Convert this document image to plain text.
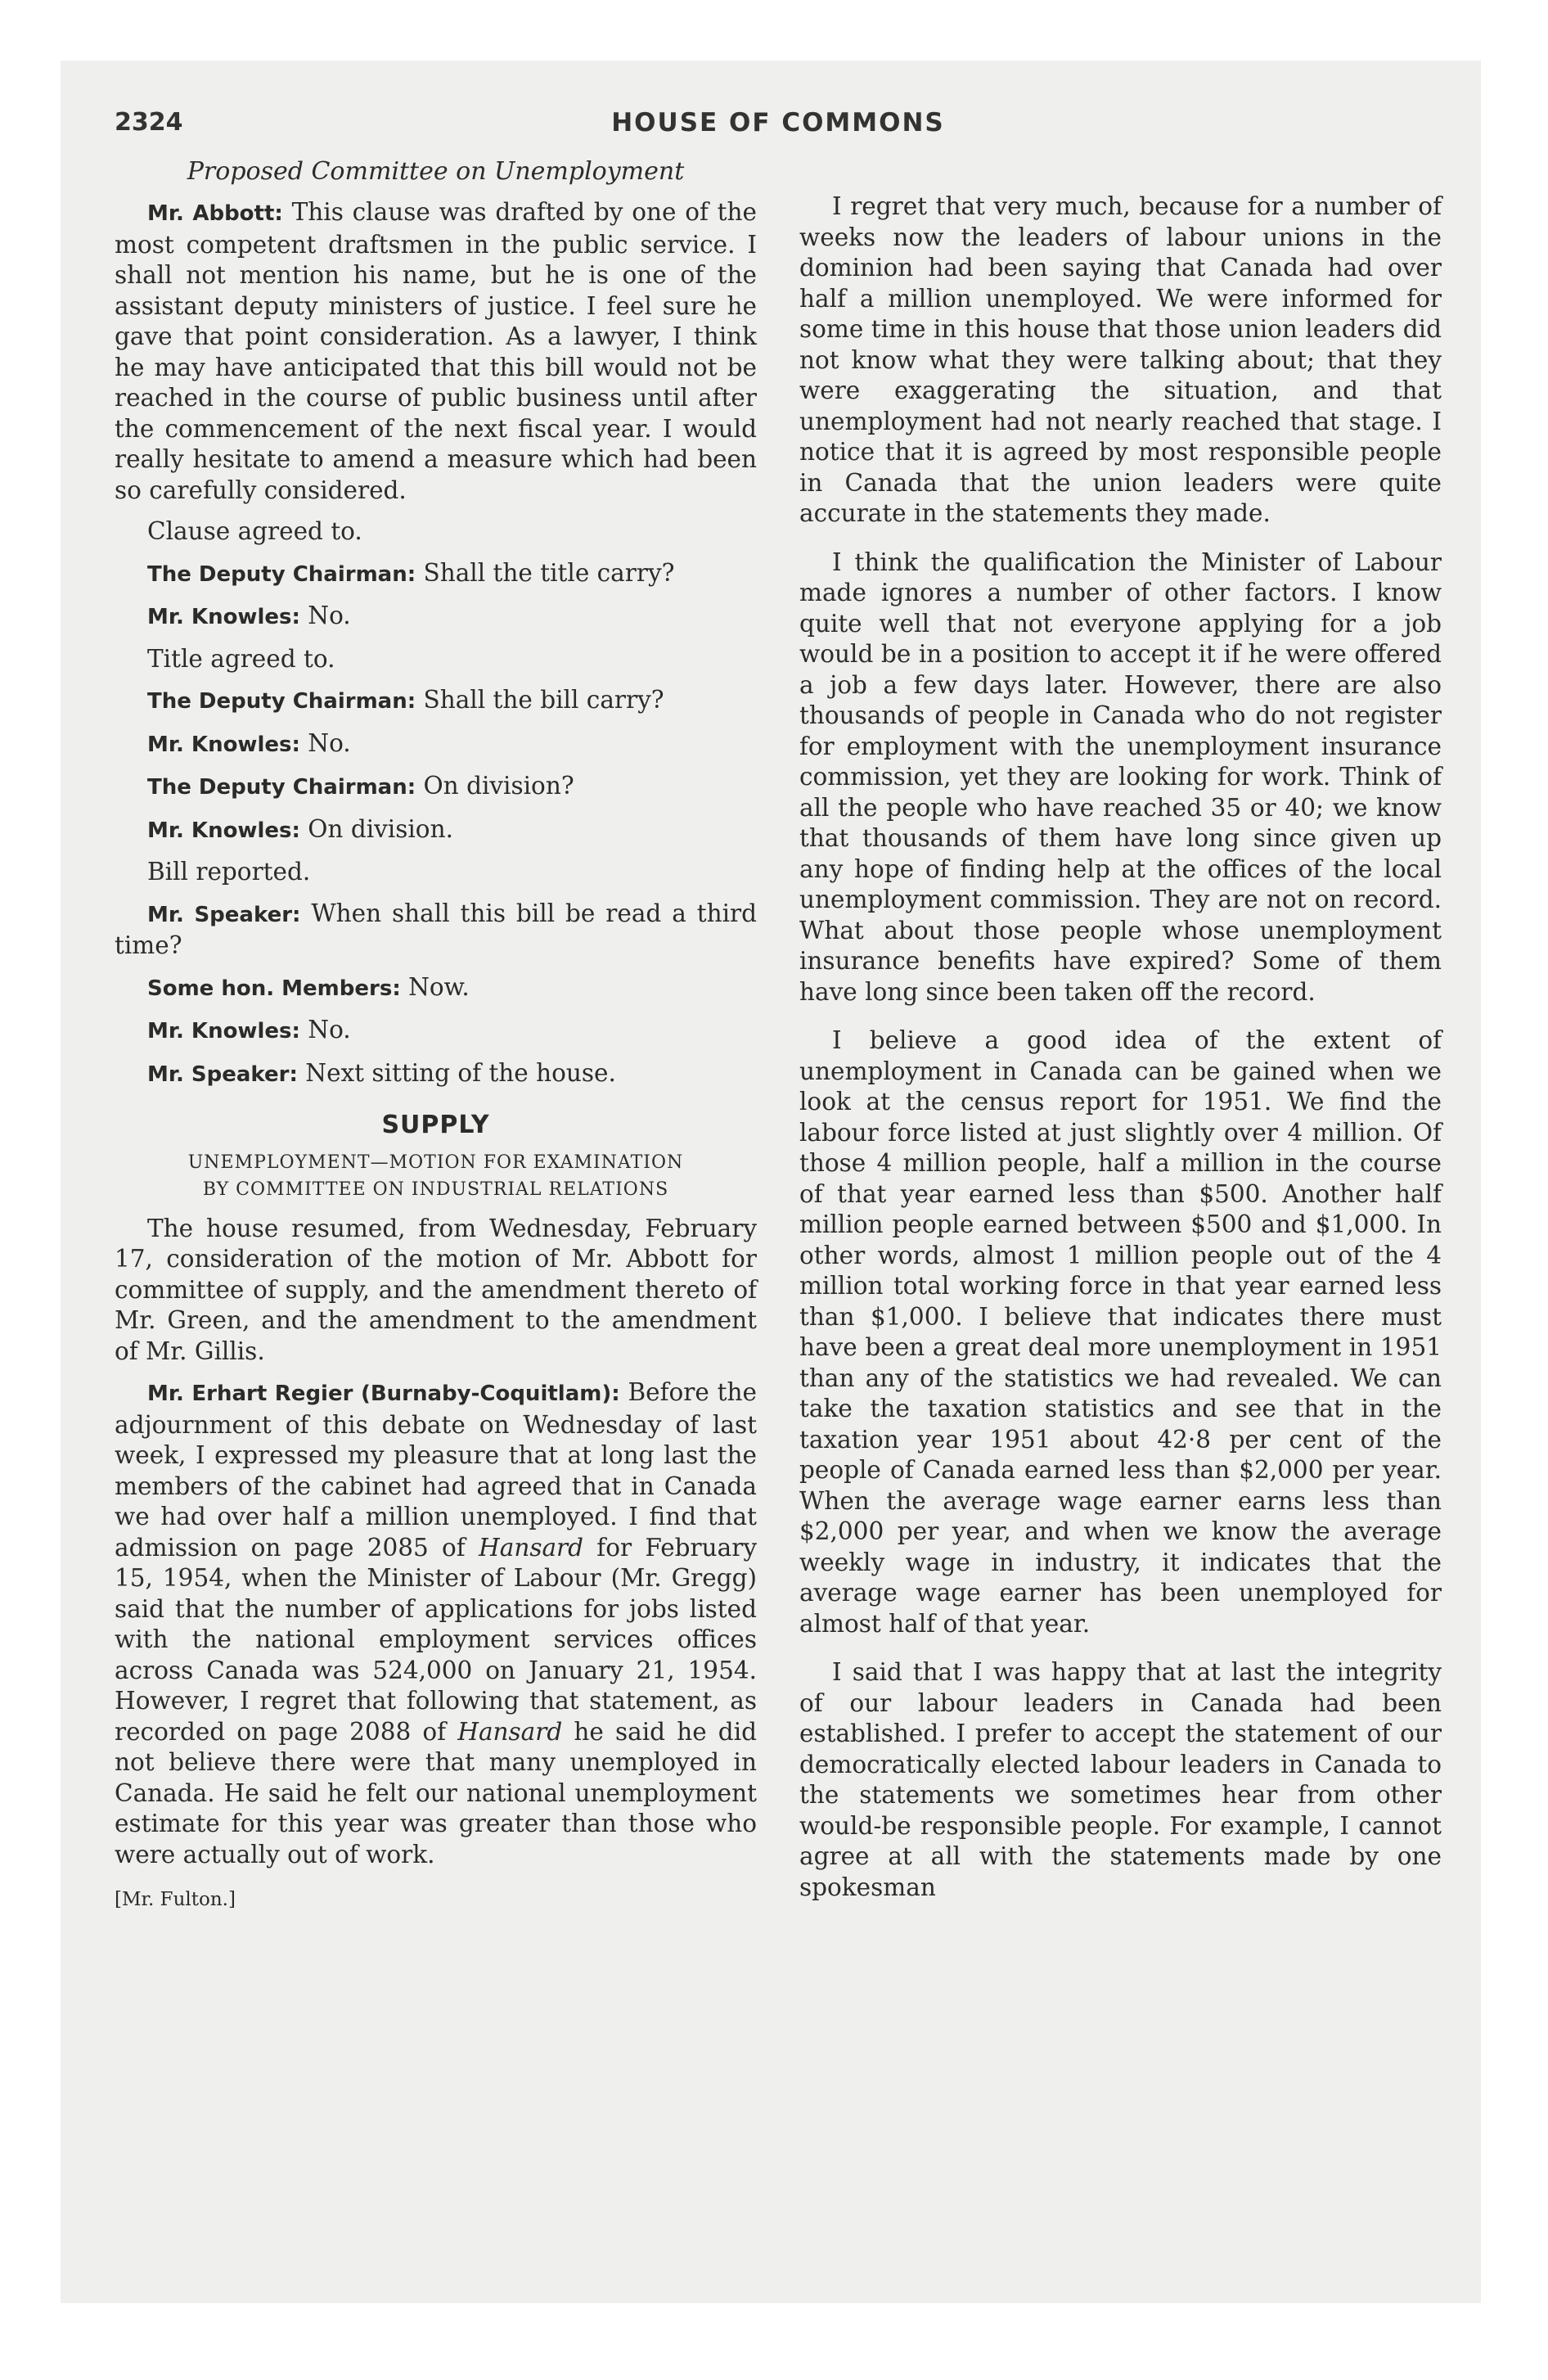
2324	HOUSE OF COMMONS

Proposed Committee on Unemployment

Mr. Abbott: This clause was drafted by one of the most competent draftsmen in the public service. I shall not mention his name, but he is one of the assistant deputy ministers of justice. I feel sure he gave that point consideration. As a lawyer, I think he may have anticipated that this bill would not be reached in the course of public business until after the commencement of the next fiscal year. I would really hesitate to amend a measure which had been so carefully considered.

Clause agreed to.

The Deputy Chairman: Shall the title carry?

Mr. Knowles: No.

Title agreed to.

The Deputy Chairman: Shall the bill carry?

Mr. Knowles: No.

The Deputy Chairman: On division?

Mr. Knowles: On division.

Bill reported.

Mr. Speaker: When shall this bill be read a third time?

Some hon. Members: Now.

Mr. Knowles: No.

Mr. Speaker: Next sitting of the house.

SUPPLY

UNEMPLOYMENT—MOTION FOR EXAMINATION
BY COMMITTEE ON INDUSTRIAL RELATIONS

The house resumed, from Wednesday, February 17, consideration of the motion of Mr. Abbott for committee of supply, and the amendment thereto of Mr. Green, and the amendment to the amendment of Mr. Gillis.

Mr. Erhart Regier (Burnaby-Coquitlam): Before the adjournment of this debate on Wednesday of last week, I expressed my pleasure that at long last the members of the cabinet had agreed that in Canada we had over half a million unemployed. I find that admission on page 2085 of Hansard for February 15, 1954, when the Minister of Labour (Mr. Gregg) said that the number of applications for jobs listed with the national employment services offices across Canada was 524,000 on January 21, 1954. However, I regret that following that statement, as recorded on page 2088 of Hansard he said he did not believe there were that many unemployed in Canada. He said he felt our national unemployment estimate for this year was greater than those who were actually out of work.

[Mr. Fulton.]

I regret that very much, because for a number of weeks now the leaders of labour unions in the dominion had been saying that Canada had over half a million unemployed. We were informed for some time in this house that those union leaders did not know what they were talking about; that they were exaggerating the situation, and that unemployment had not nearly reached that stage. I notice that it is agreed by most responsible people in Canada that the union leaders were quite accurate in the statements they made.

I think the qualification the Minister of Labour made ignores a number of other factors. I know quite well that not everyone applying for a job would be in a position to accept it if he were offered a job a few days later. However, there are also thousands of people in Canada who do not register for employment with the unemployment insurance commission, yet they are looking for work. Think of all the people who have reached 35 or 40; we know that thousands of them have long since given up any hope of finding help at the offices of the local unemployment commission. They are not on record. What about those people whose unemployment insurance benefits have expired? Some of them have long since been taken off the record.

I believe a good idea of the extent of unemployment in Canada can be gained when we look at the census report for 1951. We find the labour force listed at just slightly over 4 million. Of those 4 million people, half a million in the course of that year earned less than $500. Another half million people earned between $500 and $1,000. In other words, almost 1 million people out of the 4 million total working force in that year earned less than $1,000. I believe that indicates there must have been a great deal more unemployment in 1951 than any of the statistics we had revealed. We can take the taxation statistics and see that in the taxation year 1951 about 42·8 per cent of the people of Canada earned less than $2,000 per year. When the average wage earner earns less than $2,000 per year, and when we know the average weekly wage in industry, it indicates that the average wage earner has been unemployed for almost half of that year.

I said that I was happy that at last the integrity of our labour leaders in Canada had been established. I prefer to accept the statement of our democratically elected labour leaders in Canada to the statements we sometimes hear from other would-be responsible people. For example, I cannot agree at all with the statements made by one spokesman
